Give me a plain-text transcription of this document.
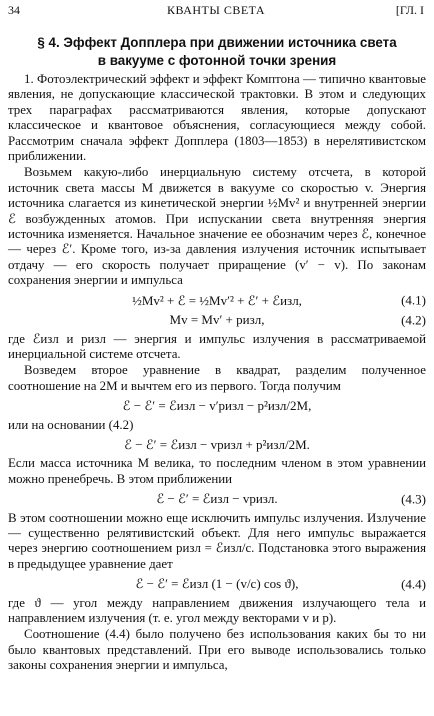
34	КВАНТЫ СВЕТА	[ГЛ. I
§ 4. Эффект Допплера при движении источника света
в вакууме с фотонной точки зрения

1. Фотоэлектрический эффект и эффект Комптона — типично квантовые явления, не допускающие классической трактовки. В этом и следующих трех параграфах рассматриваются явления, которые допускают классическое и квантовое объяснения, согласующиеся между собой. Рассмотрим сначала эффект Допплера (1803—1853) в нерелятивистском приближении.

Возьмем какую-либо инерциальную систему отсчета, в которой источник света массы M движется в вакууме со скоростью v. Энергия источника слагается из кинетической энергии ½Mv² и внутренней энергии ℰ возбужденных атомов. При испускании света внутренняя энергия источника изменяется. Начальное значение ее обозначим через ℰ, конечное — через ℰ′. Кроме того, из-за давления излучения источник испытывает отдачу — его скорость получает приращение (v′ − v). По законам сохранения энергии и импульса

½Mv² + ℰ = ½Mv′² + ℰ′ + ℰизл,	(4.1)
Mv = Mv′ + pизл,	(4.2)

где ℰизл и pизл — энергия и импульс излучения в рассматриваемой инерциальной системе отсчета.

Возведем второе уравнение в квадрат, разделим полученное соотношение на 2M и вычтем его из первого. Тогда получим

ℰ − ℰ′ = ℰизл − v′pизл − p²изл/2M,

или на основании (4.2)

ℰ − ℰ′ = ℰизл − vpизл + p²изл/2M.

Если масса источника M велика, то последним членом в этом уравнении можно пренебречь. В этом приближении

ℰ − ℰ′ = ℰизл − vpизл.	(4.3)

В этом соотношении можно еще исключить импульс излучения. Излучение — существенно релятивистский объект. Для него импульс выражается через энергию соотношением pизл = ℰизл/c. Подстановка этого выражения в предыдущее уравнение дает

ℰ − ℰ′ = ℰизл (1 − (v/c) cos ϑ),	(4.4)

где ϑ — угол между направлением движения излучающего тела и направлением излучения (т. е. угол между векторами v и p).

Соотношение (4.4) было получено без использования каких бы то ни было квантовых представлений. При его выводе использовались только законы сохранения энергии и импульса,
